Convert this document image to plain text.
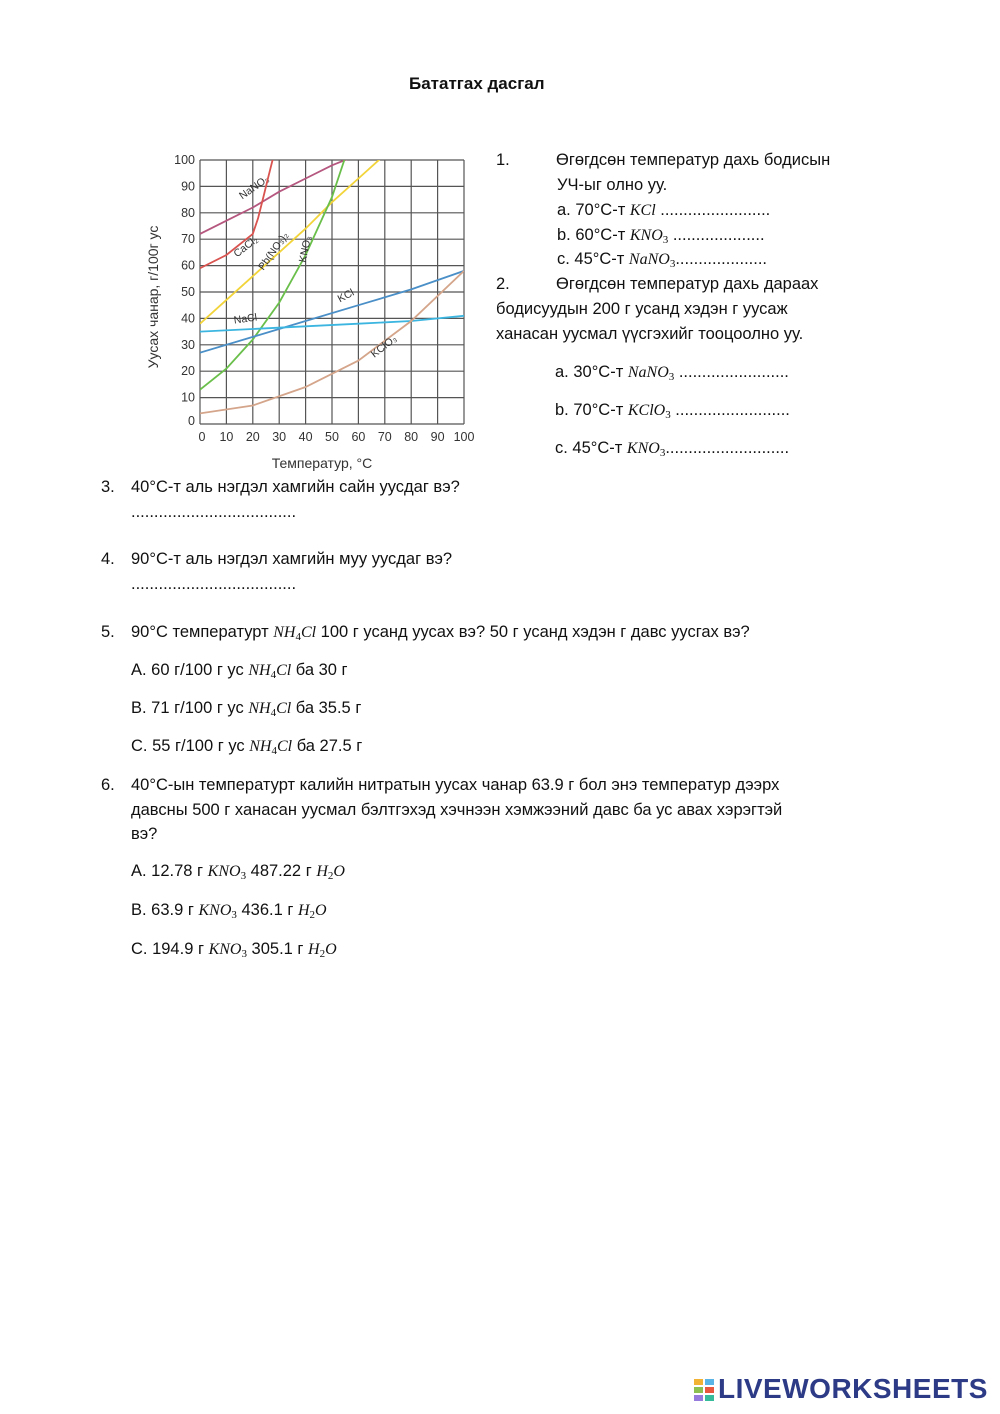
Бататгах дасгал
0 10 20 30 40 50 60 70 80 90 100
0
10
20
30
40
50
60
70
80
90
100
NaNO₃
CaCl₂
Pb(NO₃)₂ KNO₃
KCl
NaCl
KClO₃
Температур, °C
Уусах чанар, г/100г ус
1.	Өгөгдсөн температур дахь бодисын
УЧ-ыг олно уу.
a. 70°C-т KCl ........................
b. 60°C-т $KNO_3$ ....................
c. 45°C-т NaNO$_3$....................
2.	Өгөгдсөн температур дахь дараах
бодисуудын 200 г усанд хэдэн г уусаж
ханасан уусмал үүсгэхийг тооцоолно уу.
a. 30°C-т NaNO$_3$ ........................
b. 70°C-т KClO$_3$ .........................
c. 45°C-т $KNO_3$...........................
3. 40°C-т аль нэгдэл хамгийн сайн уусдаг вэ?
....................................
4. 90°C-т аль нэгдэл хамгийн муу уусдаг вэ?
....................................
5. 90°C температурт $NH_4Cl$ 100 г усанд уусах вэ? 50 г усанд хэдэн г давс уусгах вэ?
A. 60 г/100 г ус $NH_4Cl$ ба 30 г
B. 71 г/100 г ус $NH_4Cl$ ба 35.5 г
C. 55 г/100 г ус $NH_4Cl$ ба 27.5 г
6. 40°C-ын температурт калийн нитратын уусах чанар 63.9 г бол энэ температур дээрх
давсны 500 г ханасан уусмал бэлтгэхэд хэчнээн хэмжээний давс ба ус авах хэрэгтэй
вэ?
A. 12.78 г $KNO_3$ 487.22 г $H_2O$
B. 63.9 г $KNO_3$ 436.1 г $H_2O$
C. 194.9 г $KNO_3$ 305.1 г $H_2O$
LIVEWORKSHEETS
